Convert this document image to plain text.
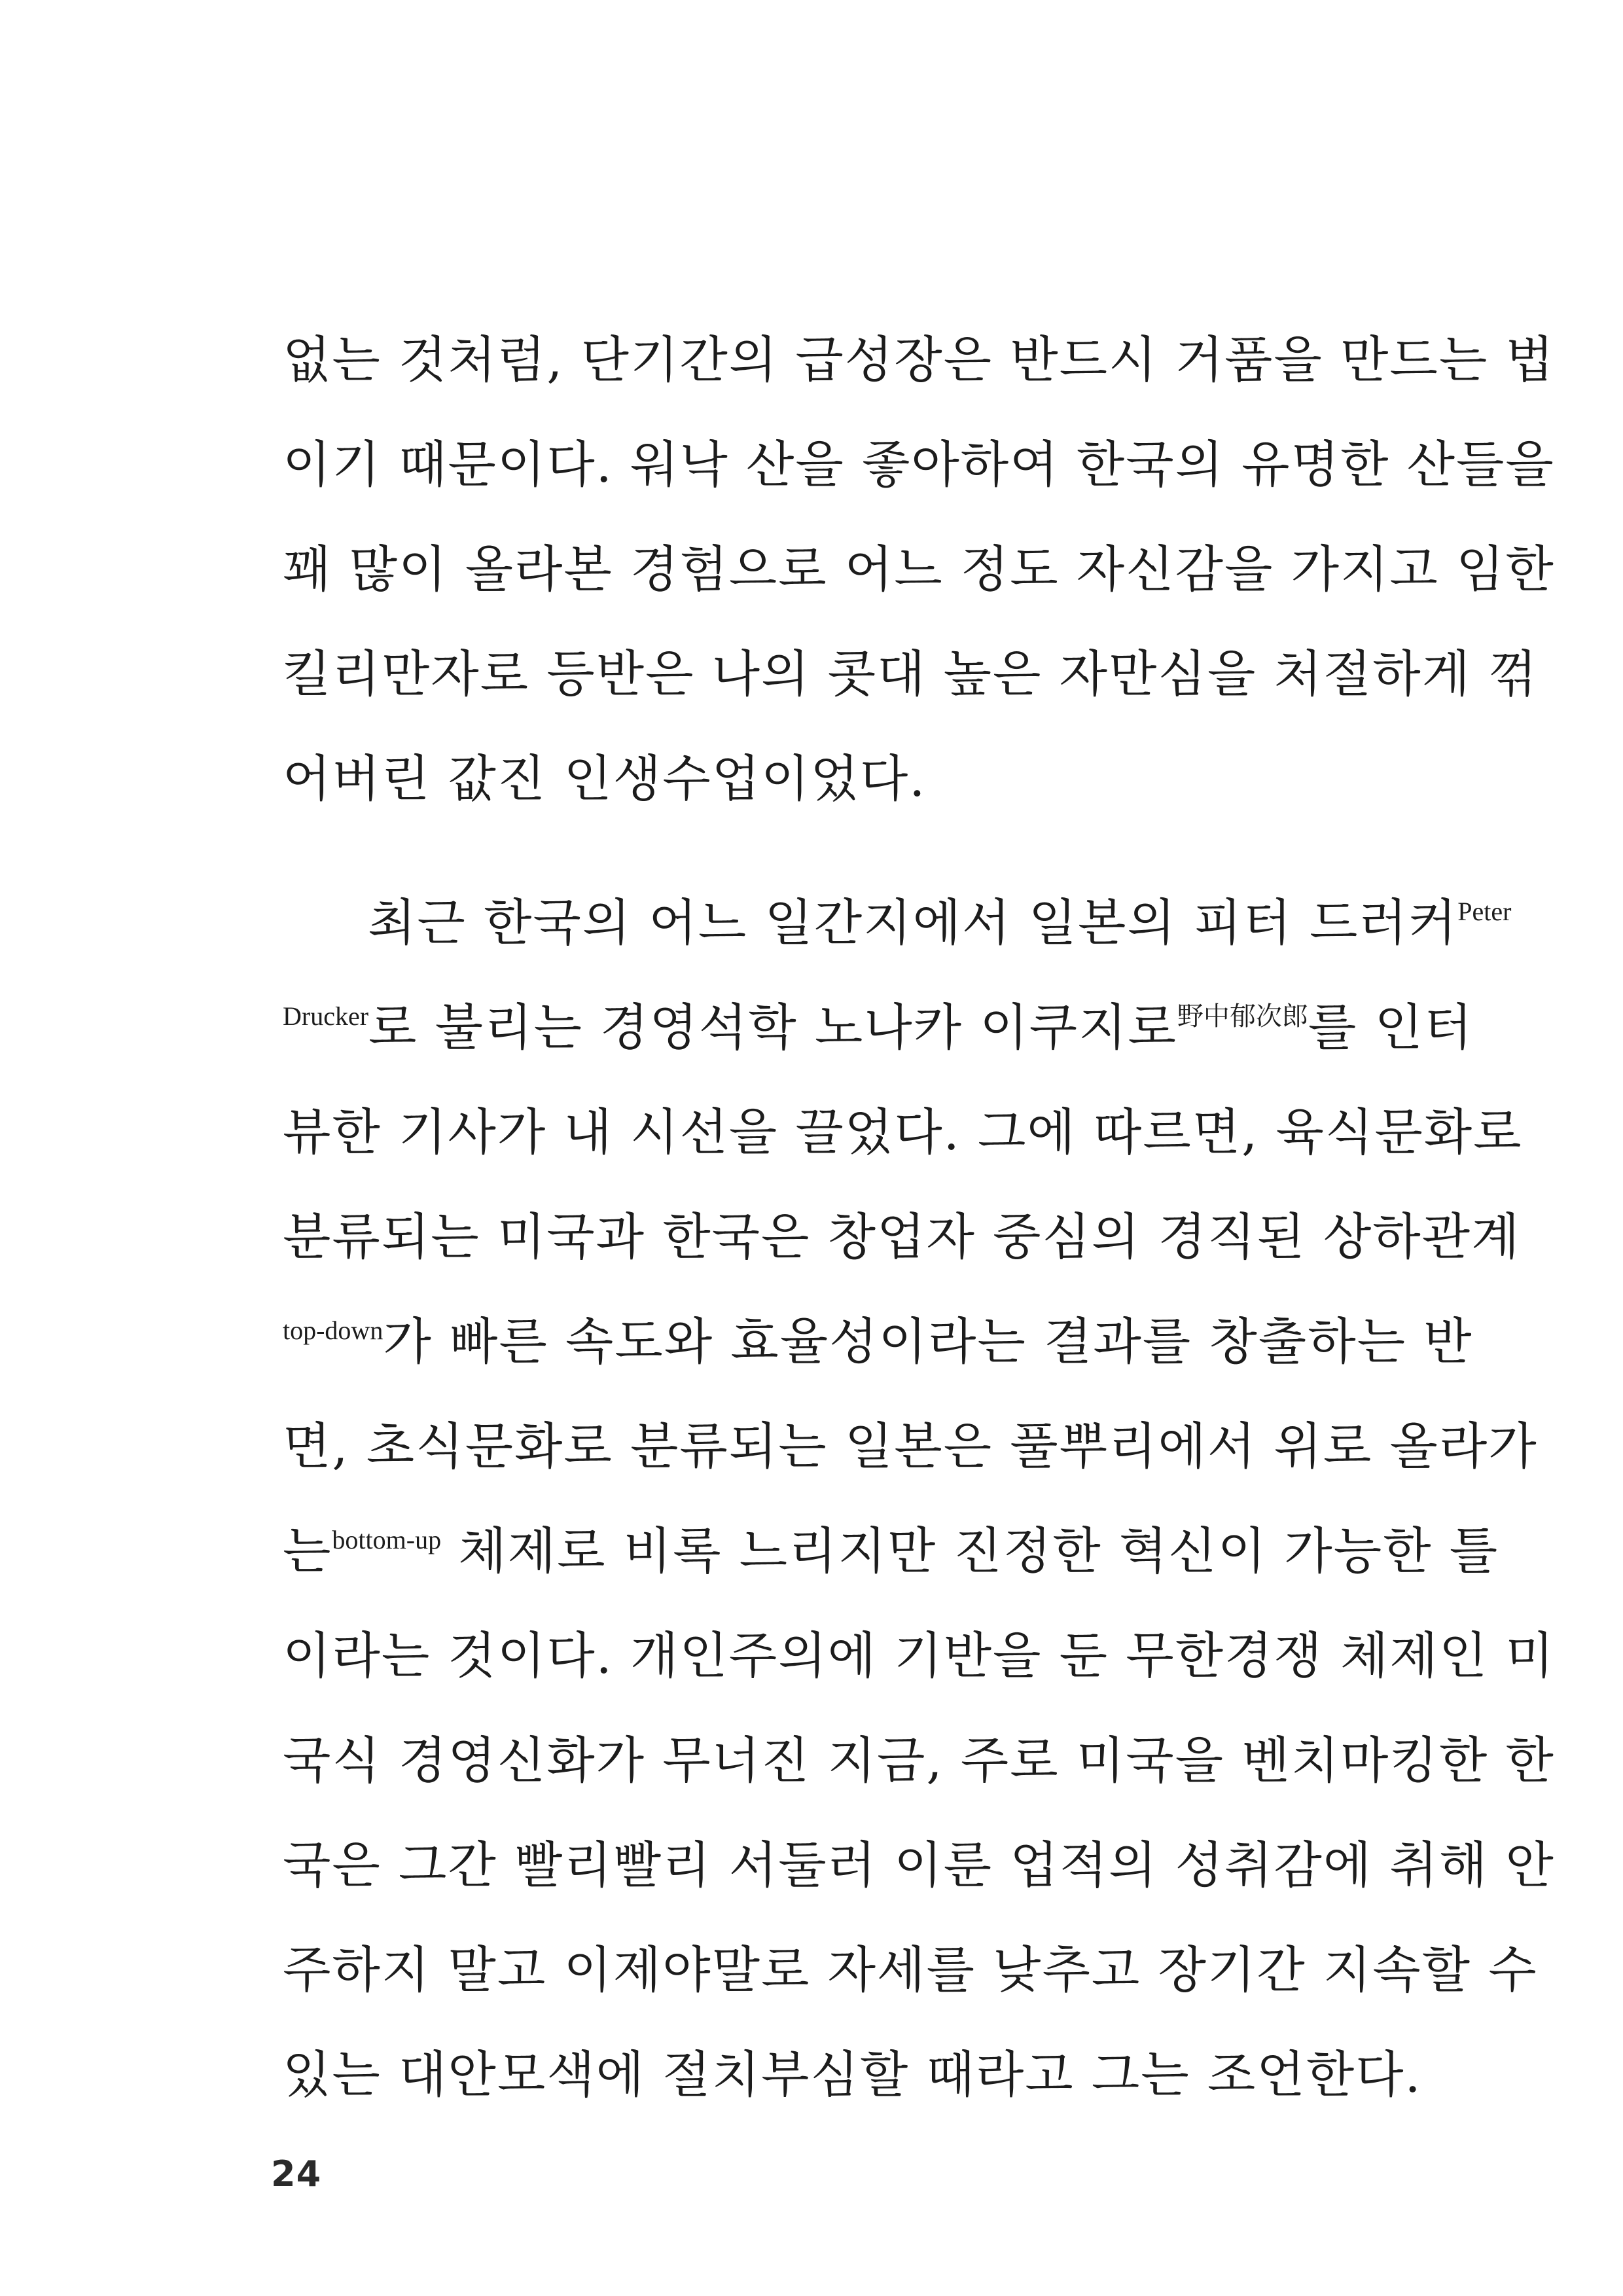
없는 것처럼, 단기간의 급성장은 반드시 거품을 만드는 법
이기 때문이다. 워낙 산을 좋아하여 한국의 유명한 산들을
꽤 많이 올라본 경험으로 어느 정도 자신감을 가지고 임한
킬리만자로 등반은 나의 콧대 높은 자만심을 처절하게 꺾
어버린 값진 인생수업이었다.
최근 한국의 어느 일간지에서 일본의 피터 드러커$^{Peter}$
$^{Drucker}$로 불리는 경영석학 노나카 이쿠지로$^{野中郁次郎}$를 인터
뷰한 기사가 내 시선을 끌었다. 그에 따르면, 육식문화로
분류되는 미국과 한국은 창업자 중심의 경직된 상하관계
$^{top-down}$가 빠른 속도와 효율성이라는 결과를 창출하는 반
면, 초식문화로 분류되는 일본은 풀뿌리에서 위로 올라가
는$^{bottom-up}$ 체제로 비록 느리지만 진정한 혁신이 가능한 틀
이라는 것이다. 개인주의에 기반을 둔 무한경쟁 체제인 미
국식 경영신화가 무너진 지금, 주로 미국을 벤치마킹한 한
국은 그간 빨리빨리 서둘러 이룬 업적의 성취감에 취해 안
주하지 말고 이제야말로 자세를 낮추고 장기간 지속할 수
있는 대안모색에 절치부심할 때라고 그는 조언한다.
24
